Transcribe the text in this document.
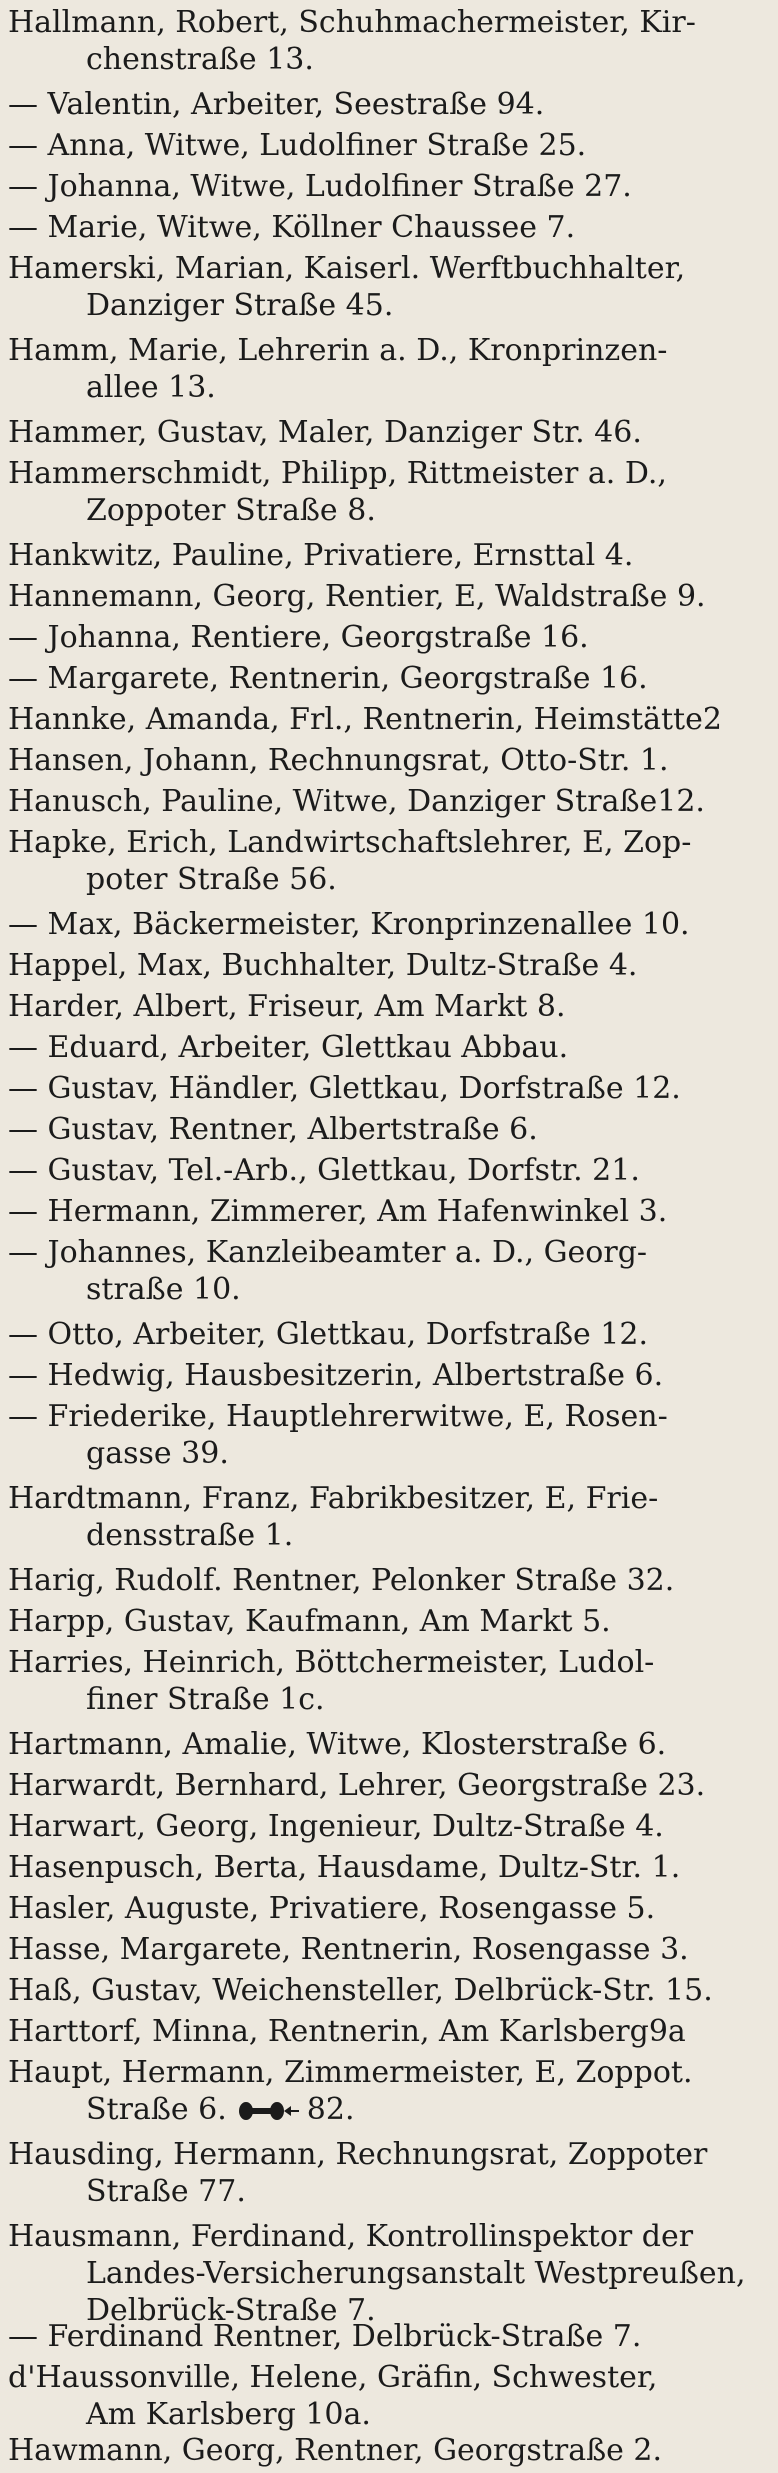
Hallmann, Robert, Schuhmachermeister, Kir-
chenstraße 13.
— Valentin, Arbeiter, Seestraße 94.
— Anna, Witwe, Ludolfiner Straße 25.
— Johanna, Witwe, Ludolfiner Straße 27.
— Marie, Witwe, Köllner Chaussee 7.
Hamerski, Marian, Kaiserl. Werftbuchhalter,
Danziger Straße 45.
Hamm, Marie, Lehrerin a. D., Kronprinzen-
allee 13.
Hammer, Gustav, Maler, Danziger Str. 46.
Hammerschmidt, Philipp, Rittmeister a. D.,
Zoppoter Straße 8.
Hankwitz, Pauline, Privatiere, Ernsttal 4.
Hannemann, Georg, Rentier, E, Waldstraße 9.
— Johanna, Rentiere, Georgstraße 16.
— Margarete, Rentnerin, Georgstraße 16.
Hannke, Amanda, Frl., Rentnerin, Heimstätte2
Hansen, Johann, Rechnungsrat, Otto-Str. 1.
Hanusch, Pauline, Witwe, Danziger Straße12.
Hapke, Erich, Landwirtschaftslehrer, E, Zop-
poter Straße 56.
— Max, Bäckermeister, Kronprinzenallee 10.
Happel, Max, Buchhalter, Dultz-Straße 4.
Harder, Albert, Friseur, Am Markt 8.
— Eduard, Arbeiter, Glettkau Abbau.
— Gustav, Händler, Glettkau, Dorfstraße 12.
— Gustav, Rentner, Albertstraße 6.
— Gustav, Tel.-Arb., Glettkau, Dorfstr. 21.
— Hermann, Zimmerer, Am Hafenwinkel 3.
— Johannes, Kanzleibeamter a. D., Georg-
straße 10.
— Otto, Arbeiter, Glettkau, Dorfstraße 12.
— Hedwig, Hausbesitzerin, Albertstraße 6.
— Friederike, Hauptlehrerwitwe, E, Rosen-
gasse 39.
Hardtmann, Franz, Fabrikbesitzer, E, Frie-
densstraße 1.
Harig, Rudolf. Rentner, Pelonker Straße 32.
Harpp, Gustav, Kaufmann, Am Markt 5.
Harries, Heinrich, Böttchermeister, Ludol-
finer Straße 1c.
Hartmann, Amalie, Witwe, Klosterstraße 6.
Harwardt, Bernhard, Lehrer, Georgstraße 23.
Harwart, Georg, Ingenieur, Dultz-Straße 4.
Hasenpusch, Berta, Hausdame, Dultz-Str. 1.
Hasler, Auguste, Privatiere, Rosengasse 5.
Hasse, Margarete, Rentnerin, Rosengasse 3.
Haß, Gustav, Weichensteller, Delbrück-Str. 15.
Harttorf, Minna, Rentnerin, Am Karlsberg9a
Haupt, Hermann, Zimmermeister, E, Zoppot.
Straße 6.	82.
Hausding, Hermann, Rechnungsrat, Zoppoter
Straße 77.
Hausmann, Ferdinand, Kontrollinspektor der
Landes-Versicherungsanstalt Westpreußen,
Delbrück-Straße 7.
— Ferdinand Rentner, Delbrück-Straße 7.
d'Haussonville, Helene, Gräfin, Schwester,
Am Karlsberg 10a.
Hawmann, Georg, Rentner, Georgstraße 2.
